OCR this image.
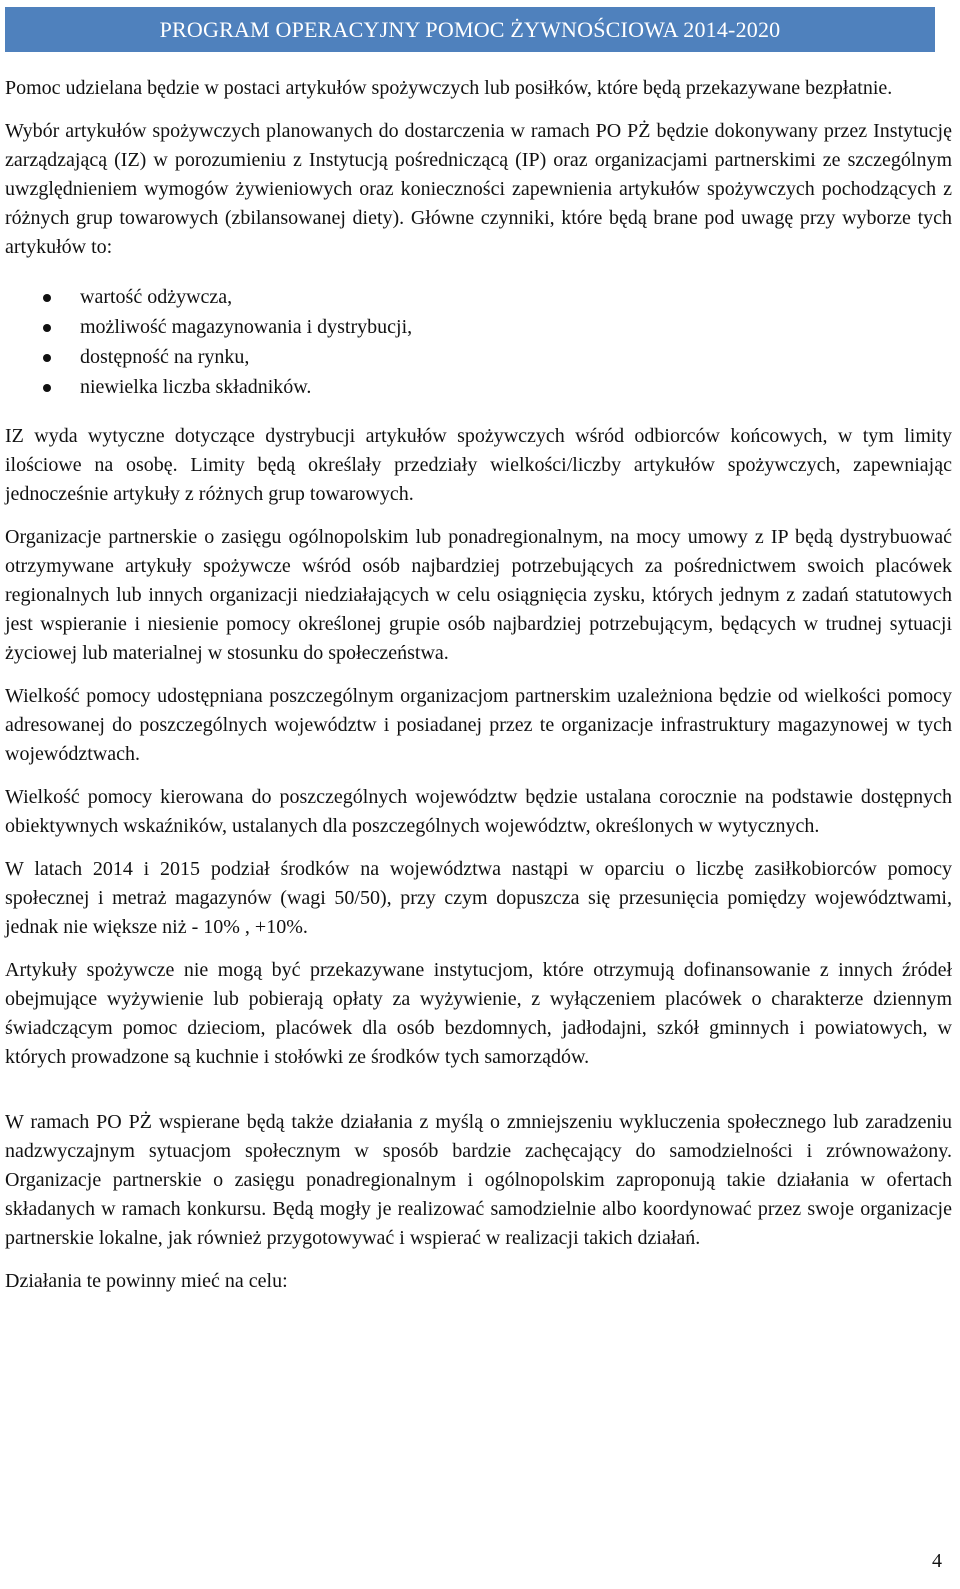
PROGRAM OPERACYJNY POMOC ŻYWNOŚCIOWA 2014-2020

Pomoc udzielana będzie w postaci artykułów spożywczych lub posiłków, które będą przekazywane bezpłatnie.

Wybór artykułów spożywczych planowanych do dostarczenia w ramach PO PŻ będzie dokonywany przez Instytucję zarządzającą (IZ) w porozumieniu z Instytucją pośredniczącą (IP) oraz organizacjami partnerskimi ze szczególnym uwzględnieniem wymogów żywieniowych oraz konieczności zapewnienia artykułów spożywczych pochodzących z różnych grup towarowych (zbilansowanej diety). Główne czynniki, które będą brane pod uwagę przy wyborze tych artykułów to:

wartość odżywcza,
możliwość magazynowania i dystrybucji,
dostępność na rynku,
niewielka liczba składników.

IZ wyda wytyczne dotyczące dystrybucji artykułów spożywczych wśród odbiorców końcowych, w tym limity ilościowe na osobę. Limity będą określały przedziały wielkości/liczby artykułów spożywczych, zapewniając jednocześnie artykuły z różnych grup towarowych.

Organizacje partnerskie o zasięgu ogólnopolskim lub ponadregionalnym, na mocy umowy z IP będą dystrybuować otrzymywane artykuły spożywcze wśród osób najbardziej potrzebujących za pośrednictwem swoich placówek regionalnych lub innych organizacji niedziałających w celu osiągnięcia zysku, których jednym z zadań statutowych jest wspieranie i niesienie pomocy określonej grupie osób najbardziej potrzebującym, będących w trudnej sytuacji życiowej lub materialnej w stosunku do społeczeństwa.

Wielkość pomocy udostępniana poszczególnym organizacjom partnerskim uzależniona będzie od wielkości pomocy adresowanej do poszczególnych województw i posiadanej przez te organizacje infrastruktury magazynowej w tych województwach.

Wielkość pomocy kierowana do poszczególnych województw będzie ustalana corocznie na podstawie dostępnych obiektywnych wskaźników, ustalanych dla poszczególnych województw, określonych w wytycznych.

W latach 2014 i 2015 podział środków na województwa nastąpi w oparciu o liczbę zasiłkobiorców pomocy społecznej i metraż magazynów (wagi 50/50), przy czym dopuszcza się przesunięcia pomiędzy województwami, jednak nie większe niż - 10% , +10%.

Artykuły spożywcze nie mogą być przekazywane instytucjom, które otrzymują dofinansowanie z innych źródeł obejmujące wyżywienie lub pobierają opłaty za wyżywienie, z wyłączeniem placówek o charakterze dziennym świadczącym pomoc dzieciom, placówek dla osób bezdomnych, jadłodajni, szkół gminnych i powiatowych, w których prowadzone są kuchnie i stołówki ze środków tych samorządów.

W ramach PO PŻ wspierane będą także działania z myślą o zmniejszeniu wykluczenia społecznego lub zaradzeniu nadzwyczajnym sytuacjom społecznym w sposób bardzie zachęcający do samodzielności i zrównoważony. Organizacje partnerskie o zasięgu ponadregionalnym i ogólnopolskim zaproponują takie działania w ofertach składanych w ramach konkursu. Będą mogły je realizować samodzielnie albo koordynować przez swoje organizacje partnerskie lokalne, jak również przygotowywać i wspierać w realizacji takich działań.

Działania te powinny mieć na celu:

4
